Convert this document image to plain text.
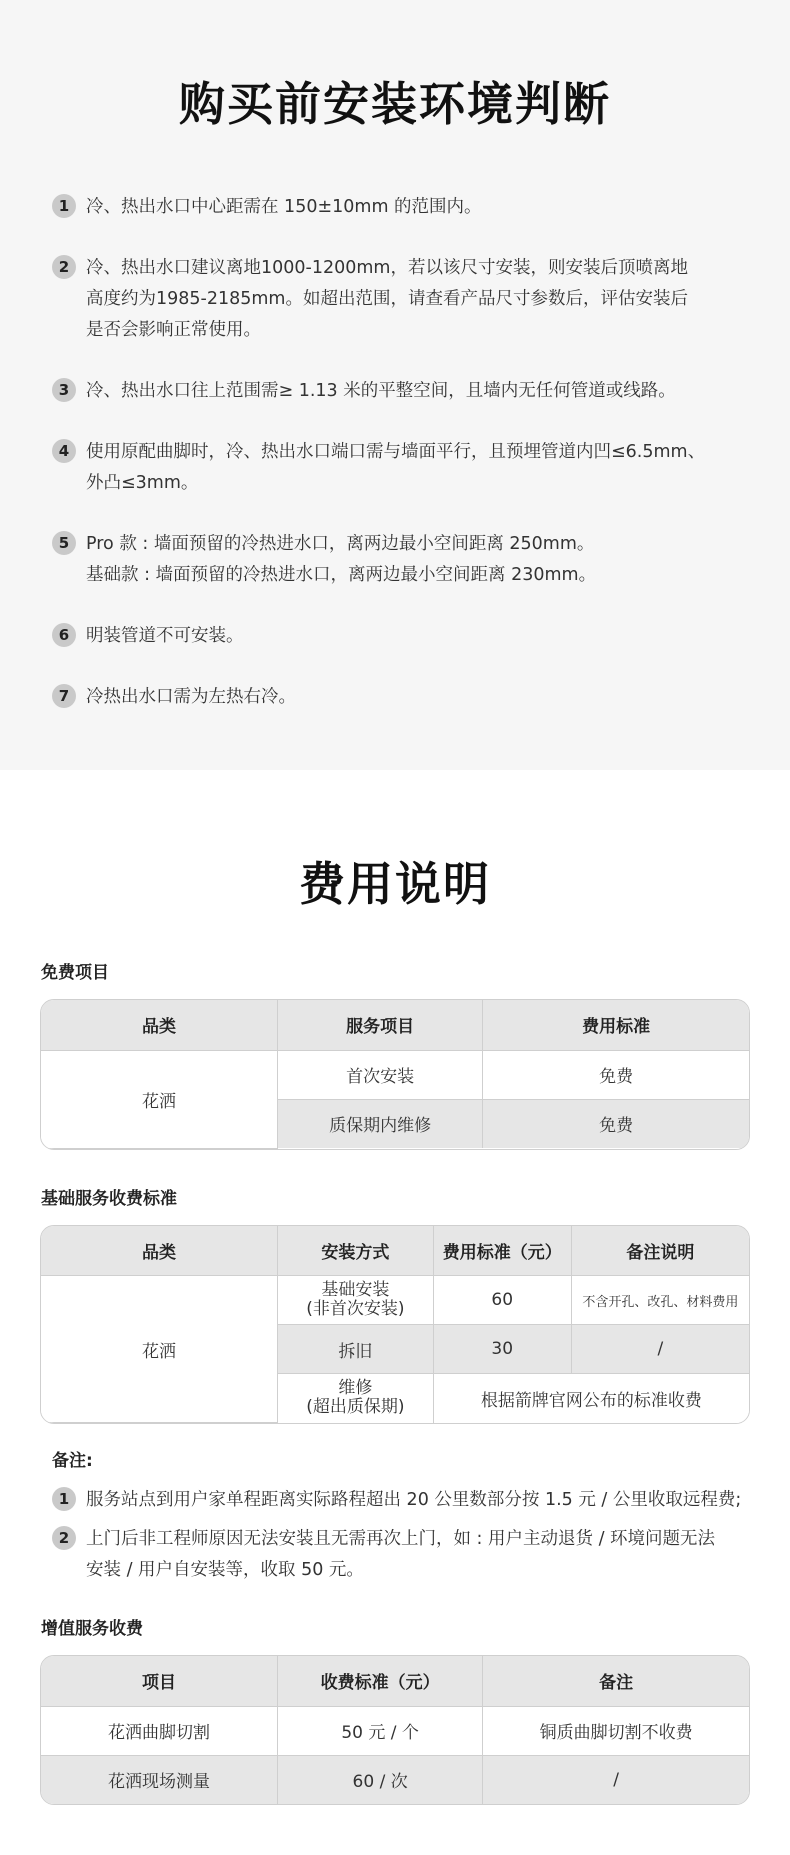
购买前安装环境判断
1 冷、热出水口中心距需在 150±10mm 的范围内。
2 冷、热出水口建议离地1000-1200mm，若以该尺寸安装，则安装后顶喷离地
高度约为1985-2185mm。如超出范围，请查看产品尺寸参数后，评估安装后
是否会影响正常使用。
3 冷、热出水口往上范围需≥ 1.13 米的平整空间，且墙内无任何管道或线路。
4 使用原配曲脚时，冷、热出水口端口需与墙面平行，且预埋管道内凹≤6.5mm、
外凸≤3mm。
5 Pro 款 : 墙面预留的冷热进水口，离两边最小空间距离 250mm。
基础款 : 墙面预留的冷热进水口，离两边最小空间距离 230mm。
6 明装管道不可安装。
7 冷热出水口需为左热右冷。
费用说明
免费项目
品类	服务项目	费用标准
花洒	首次安装	免费
	质保期内维修	免费
基础服务收费标准
品类	安装方式	费用标准（元）	备注说明
花洒	基础安装
(非首次安装)	60	不含开孔、改孔、材料费用
	拆旧	30	/

	维修
(超出质保期)	根据箭牌官网公布的标准收费	
备注:
1 服务站点到用户家单程距离实际路程超出 20 公里数部分按 1.5 元 / 公里收取远程费;
2 上门后非工程师原因无法安装且无需再次上门，如 : 用户主动退货 / 环境问题无法
安装 / 用户自安装等，收取 50 元。
增值服务收费
项目	收费标准（元）	备注
花洒曲脚切割	50 元 / 个	铜质曲脚切割不收费
花洒现场测量	60 / 次	/
